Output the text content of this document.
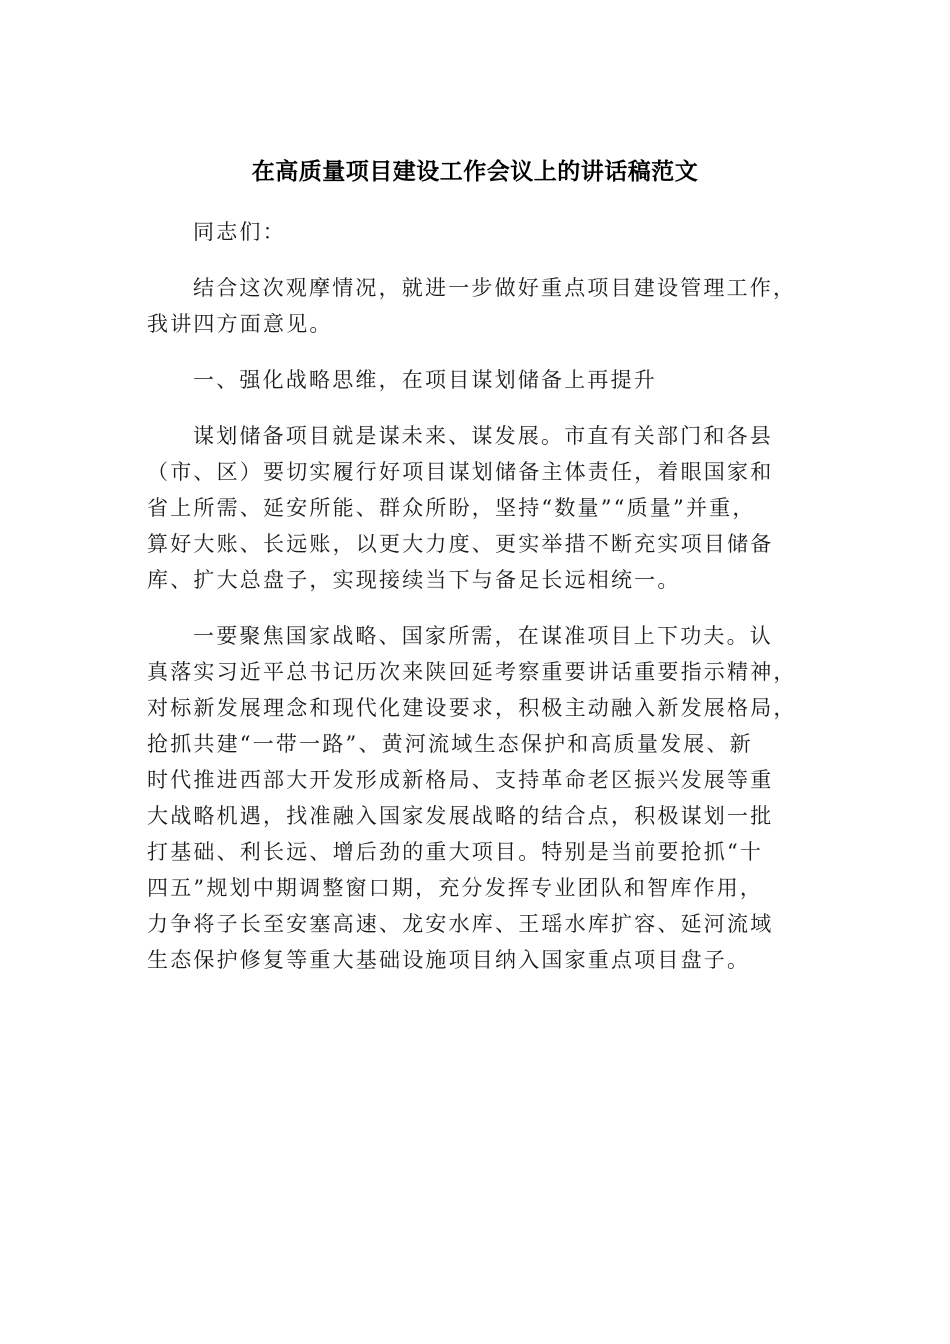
在高质量项目建设工作会议上的讲话稿范文

同志们：

结合这次观摩情况，就进一步做好重点项目建设管理工作，
我讲四方面意见。

一、强化战略思维，在项目谋划储备上再提升

谋划储备项目就是谋未来、谋发展。市直有关部门和各县
（市、区）要切实履行好项目谋划储备主体责任，着眼国家和
省上所需、延安所能、群众所盼，坚持“数量”“质量”并重，
算好大账、长远账，以更大力度、更实举措不断充实项目储备
库、扩大总盘子，实现接续当下与备足长远相统一。

一要聚焦国家战略、国家所需，在谋准项目上下功夫。认
真落实习近平总书记历次来陕回延考察重要讲话重要指示精神，
对标新发展理念和现代化建设要求，积极主动融入新发展格局，
抢抓共建“一带一路”、黄河流域生态保护和高质量发展、新
时代推进西部大开发形成新格局、支持革命老区振兴发展等重
大战略机遇，找准融入国家发展战略的结合点，积极谋划一批
打基础、利长远、增后劲的重大项目。特别是当前要抢抓“十
四五”规划中期调整窗口期，充分发挥专业团队和智库作用，
力争将子长至安塞高速、龙安水库、王瑶水库扩容、延河流域
生态保护修复等重大基础设施项目纳入国家重点项目盘子。
